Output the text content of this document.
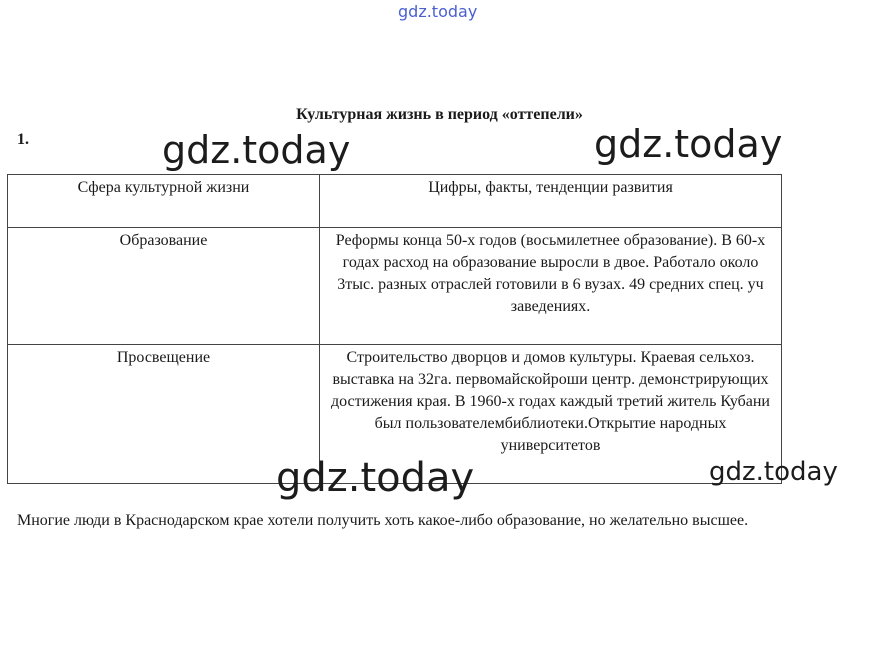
gdz.today
Культурная жизнь в период «оттепели»
1.
Сфера культурной жизни	Цифры, факты, тенденции развития
Образование	Реформы конца 50-х годов (восьмилетнее образование). В 60-х годах расход на образование выросли в двое. Работало около 3тыс. разных отраслей готовили в 6 вузах. 49 средних спец. уч заведениях.
Просвещение	Строительство дворцов и домов культуры. Краевая сельхоз. выставка на 32га. первомайскойроши центр. демонстрирующих достижения края. В 1960-х годах каждый третий житель Кубани был пользователембиблиотеки.Открытие народных университетов
Многие люди в Краснодарском крае хотели получить хоть какое-либо образование, но желательно высшее.
gdz.today	gdz.today
gdz.today	gdz.today
